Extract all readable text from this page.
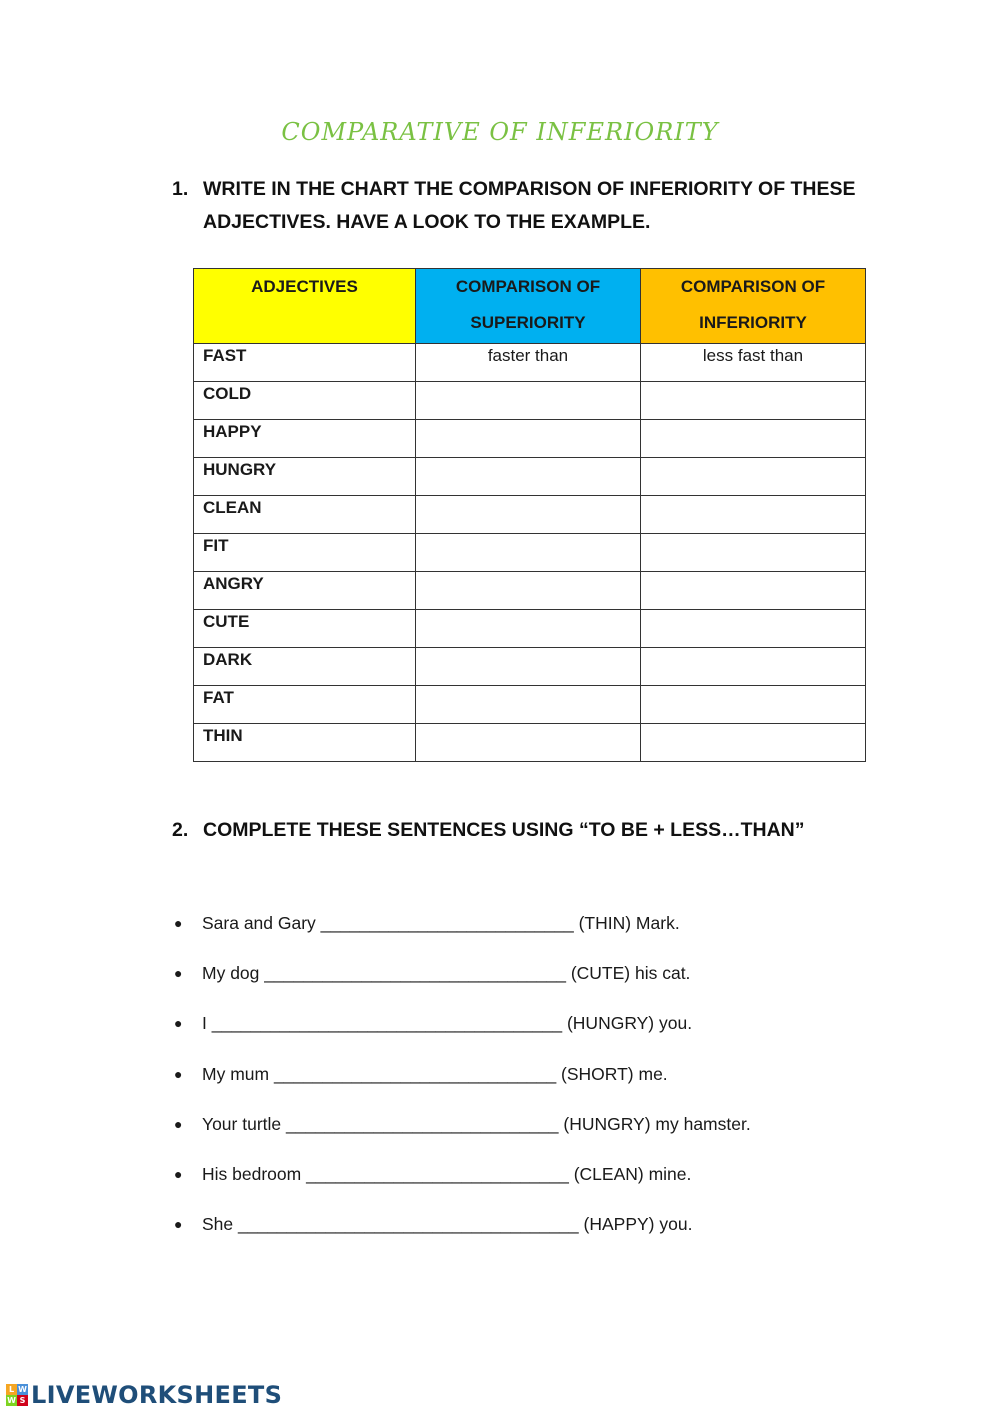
COMPARATIVE OF INFERIORITY
1. WRITE IN THE CHART THE COMPARISON OF INFERIORITY OF THESE ADJECTIVES. HAVE A LOOK TO THE EXAMPLE.
ADJECTIVES	COMPARISON OF SUPERIORITY	COMPARISON OF INFERIORITY
FAST	faster than	less fast than
COLD		
HAPPY		
HUNGRY		
CLEAN		
FIT		
ANGRY		
CUTE		
DARK		
FAT		
THIN		
2. COMPLETE THESE SENTENCES USING “TO BE + LESS…THAN”
● Sara and Gary __________________________ (THIN) Mark.
● My dog _______________________________ (CUTE) his cat.
● I ____________________________________ (HUNGRY) you.
● My mum _____________________________ (SHORT) me.
● Your turtle ____________________________ (HUNGRY) my hamster.
● His bedroom ___________________________ (CLEAN) mine.
● She ___________________________________ (HAPPY) you.
L W
W S LIVEWORKSHEETS
